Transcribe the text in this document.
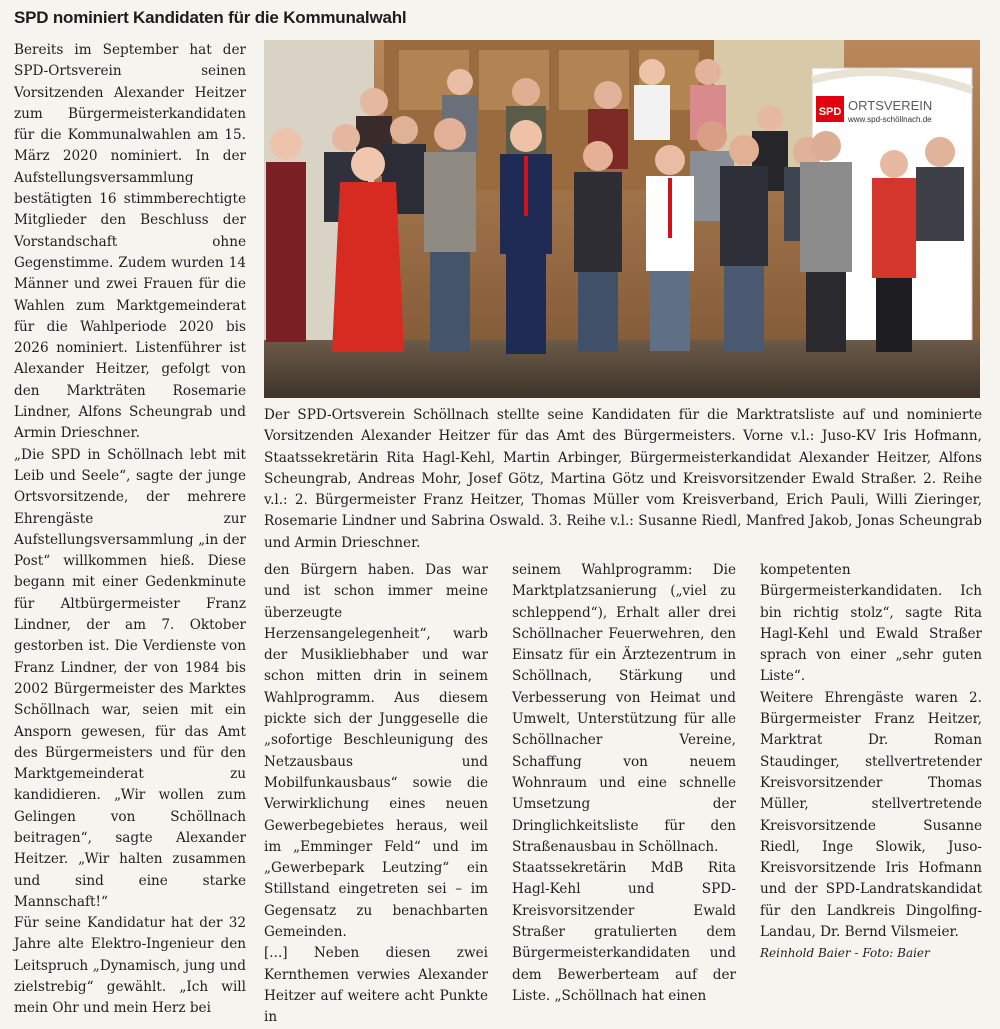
SPD nominiert Kandidaten für die Kommunalwahl

Bereits im September hat der SPD-Ortsverein seinen Vorsitzenden Alexander Heitzer zum Bürgermeisterkandidaten für die Kommunalwahlen am 15. März 2020 nominiert. In der Aufstellungsversammlung bestätigten 16 stimmberechtigte Mitglieder den Beschluss der Vorstandschaft ohne Gegenstimme. Zudem wurden 14 Männer und zwei Frauen für die Wahlen zum Marktgemeinderat für die Wahlperiode 2020 bis 2026 nominiert. Listenführer ist Alexander Heitzer, gefolgt von den Markträten Rosemarie Lindner, Alfons Scheungrab und Armin Drieschner.

„Die SPD in Schöllnach lebt mit Leib und Seele“, sagte der junge Ortsvorsitzende, der mehrere Ehrengäste zur Aufstellungsversammlung „in der Post“ willkommen hieß. Diese begann mit einer Gedenkminute für Altbürgermeister Franz Lindner, der am 7. Oktober gestorben ist. Die Verdienste von Franz Lindner, der von 1984 bis 2002 Bürgermeister des Marktes Schöllnach war, seien mit ein Ansporn gewesen, für das Amt des Bürgermeisters und für den Marktgemeinderat zu kandidieren. „Wir wollen zum Gelingen von Schöllnach beitragen“, sagte Alexander Heitzer. „Wir halten zusammen und sind eine starke Mannschaft!“

Für seine Kandidatur hat der 32 Jahre alte Elektro-Ingenieur den Leitspruch „Dynamisch, jung und zielstrebig“ gewählt. „Ich will mein Ohr und mein Herz bei

SPD ORTSVEREIN
www.spd-schöllnach.de
Der SPD-Ortsverein Schöllnach stellte seine Kandidaten für die Marktratsliste auf und nominierte Vorsitzenden Alexander Heitzer für das Amt des Bürgermeisters. Vorne v.l.: Juso-KV Iris Hofmann, Staatssekretärin Rita Hagl-Kehl, Martin Arbinger, Bürgermeisterkandidat Alexander Heitzer, Alfons Scheungrab, Andreas Mohr, Josef Götz, Martina Götz und Kreisvorsitzender Ewald Straßer. 2. Reihe v.l.: 2. Bürgermeister Franz Heitzer, Thomas Müller vom Kreisverband, Erich Pauli, Willi Zieringer, Rosemarie Lindner und Sabrina Oswald. 3. Reihe v.l.: Susanne Riedl, Manfred Jakob, Jonas Scheungrab und Armin Drieschner.

den Bürgern haben. Das war und ist schon immer meine überzeugte Herzensangelegenheit“, warb der Musikliebhaber und war schon mitten drin in seinem Wahlprogramm. Aus diesem pickte sich der Junggeselle die „sofortige Beschleunigung des Netzausbaus und Mobilfunkausbaus“ sowie die Verwirklichung eines neuen Gewerbegebietes heraus, weil im „Emminger Feld“ und im „Gewerbepark Leutzing“ ein Stillstand eingetreten sei – im Gegensatz zu benachbarten Gemeinden.

[...] Neben diesen zwei Kernthemen verwies Alexander Heitzer auf weitere acht Punkte in

seinem Wahlprogramm: Die Marktplatzsanierung („viel zu schleppend“), Erhalt aller drei Schöllnacher Feuerwehren, den Einsatz für ein Ärztezentrum in Schöllnach, Stärkung und Verbesserung von Heimat und Umwelt, Unterstützung für alle Schöllnacher Vereine, Schaffung von neuem Wohnraum und eine schnelle Umsetzung der Dringlichkeitsliste für den Straßenausbau in Schöllnach.

Staatssekretärin MdB Rita Hagl-Kehl und SPD-Kreisvorsitzender Ewald Straßer gratulierten dem Bürgermeisterkandidaten und dem Bewerberteam auf der Liste. „Schöllnach hat einen

kompetenten Bürgermeisterkandidaten. Ich bin richtig stolz“, sagte Rita Hagl-Kehl und Ewald Straßer sprach von einer „sehr guten Liste“.

Weitere Ehrengäste waren 2. Bürgermeister Franz Heitzer, Marktrat Dr. Roman Staudinger, stellvertretender Kreisvorsitzender Thomas Müller, stellvertretende Kreisvorsitzende Susanne Riedl, Inge Slowik, Juso-Kreisvorsitzende Iris Hofmann und der SPD-Landratskandidat für den Landkreis Dingolfing-Landau, Dr. Bernd Vilsmeier.

Reinhold Baier - Foto: Baier
